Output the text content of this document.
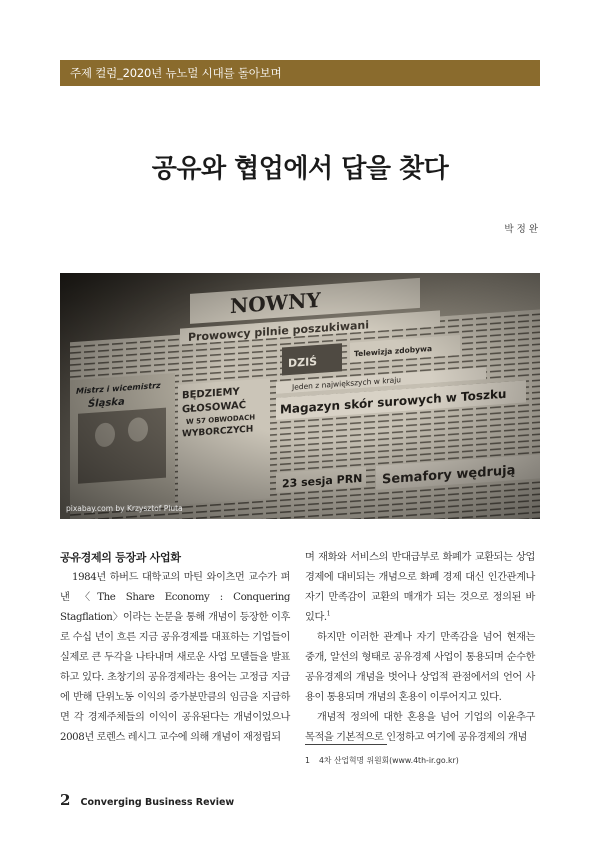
주제 컬럼_2020년 뉴노멀 시대를 돌아보며
공유와 협업에서 답을 찾다
박 정 완
pixabay.com by Krzysztof Pluta

공유경제의 등장과 사업화

1984년 하버드 대학교의 마틴 와이츠먼 교수가 펴낸 〈The Share Economy : Conquering Stagflation〉이라는 논문을 통해 개념이 등장한 이후로 수십 년이 흐른 지금 공유경제를 대표하는 기업들이 실제로 큰 두각을 나타내며 새로운 사업 모델들을 발표하고 있다. 초창기의 공유경제라는 용어는 고정급 지급에 반해 단위노동 이익의 증가분만큼의 임금을 지급하면 각 경제주체들의 이익이 공유된다는 개념이었으나 2008년 로렌스 레시그 교수에 의해 개념이 재정립되

며 재화와 서비스의 반대급부로 화폐가 교환되는 상업경제에 대비되는 개념으로 화폐 경제 대신 인간관계나 자기 만족감이 교환의 매개가 되는 것으로 정의된 바 있다.$^1$

하지만 이러한 관계나 자기 만족감을 넘어 현재는 중개, 알선의 형태로 공유경제 사업이 통용되며 순수한 공유경제의 개념을 벗어나 상업적 관점에서의 언어 사용이 통용되며 개념의 혼용이 이루어지고 있다.

개념적 정의에 대한 혼용을 넘어 기업의 이윤추구 목적을 기본적으로 인정하고 여기에 공유경제의 개념

1 4차 산업혁명 위원회(www.4th-ir.go.kr)
2 Converging Business Review
